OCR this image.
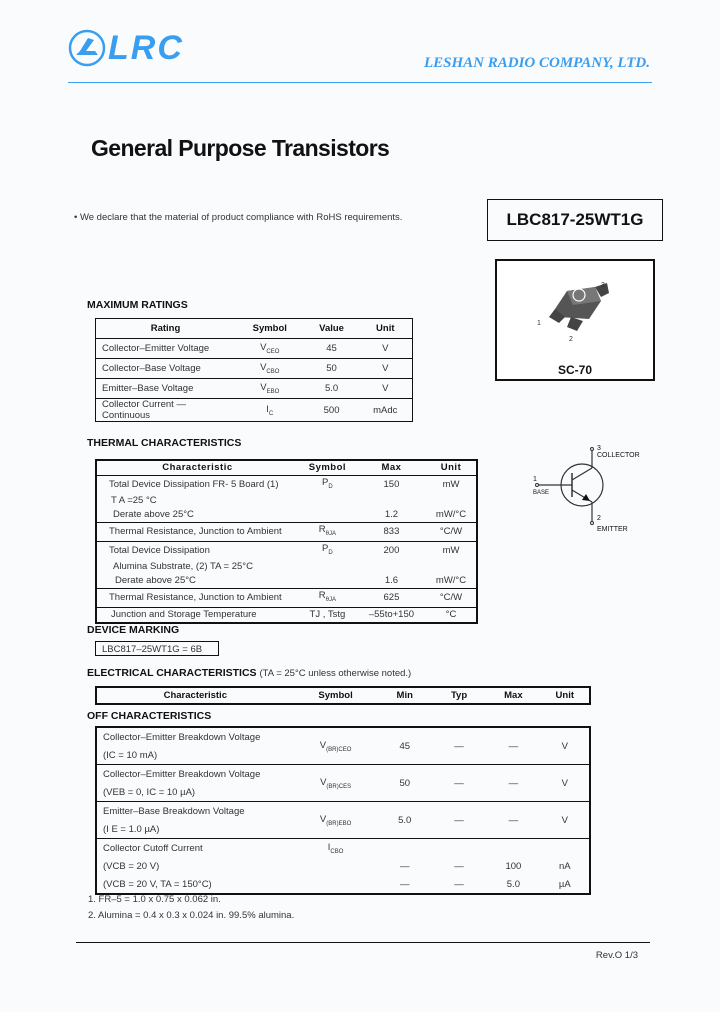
LRC	LESHAN RADIO COMPANY, LTD.
General Purpose Transistors
• We declare that the material of product compliance with RoHS requirements.	LBC817-25WT1G
3
1
2
SC-70
3
COLLECTOR
1
BASE
2
EMITTER
MAXIMUM RATINGS
Rating	Symbol	Value	Unit
Collector–Emitter Voltage	$V_{CEO}$	45	V
Collector–Base Voltage	$V_{CBO}$	50	V
Emitter–Base Voltage	$V_{EBO}$	5.0	V
Collector Current — Continuous	$I_C$	500	mAdc
THERMAL CHARACTERISTICS
Characteristic	Symbol	Max	Unit
Total Device Dissipation FR- 5 Board (1)	$P_D$	150	mW
T A =25 °C			
Derate above 25°C		1.2	mW/°C
Thermal Resistance, Junction to Ambient	$R_{\theta JA}$	833	°C/W
Total Device Dissipation	$P_D$	200	mW
Alumina Substrate, (2) TA = 25°C			
Derate above 25°C		1.6	mW/°C
Thermal Resistance, Junction to Ambient	$R_{\theta JA}$	625	°C/W
Junction and Storage Temperature	TJ , Tstg	–55to+150	°C
DEVICE MARKING
LBC817–25WT1G = 6B
ELECTRICAL CHARACTERISTICS (TA = 25°C unless otherwise noted.)
Characteristic	Symbol	Min	Typ	Max	Unit
OFF CHARACTERISTICS
Collector–Emitter Breakdown Voltage	$V_{(BR)CEO}$	45	—	—	V
(IC = 10 mA)					
Collector–Emitter Breakdown Voltage	$V_{(BR)CES}$	50	—	—	V
(VEB = 0, IC = 10 µA)					
Emitter–Base Breakdown Voltage	$V_{(BR)EBO}$	5.0	—	—	V
(I E = 1.0 µA)					
Collector Cutoff Current	$I_{CBO}$				
(VCB = 20 V)		—	—	100	nA
(VCB = 20 V, TA = 150°C)		—	—	5.0	µA
1. FR–5 = 1.0 x 0.75 x 0.062 in.
2. Alumina = 0.4 x 0.3 x 0.024 in. 99.5% alumina.
Rev.O 1/3
